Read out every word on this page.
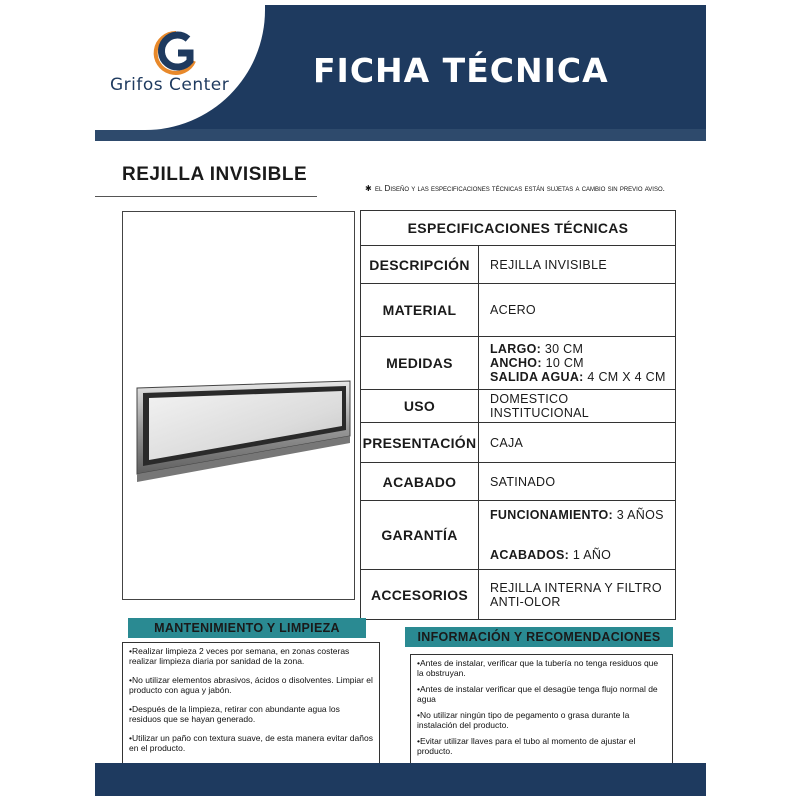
Grifos Center	FICHA TÉCNICA
REJILLA INVISIBLE
✱ el Diseño y las especificaciones técnicas están sujetas a cambio sin previo aviso.
ESPECIFICACIONES TÉCNICAS	
DESCRIPCIÓN	REJILLA INVISIBLE
MATERIAL	ACERO
MEDIDAS	LARGO: 30 CM
ANCHO: 10 CM
SALIDA AGUA: 4 CM X 4 CM

USO	DOMESTICO
INSTITUCIONAL

PRESENTACIÓN	CAJA
ACABADO	SATINADO
GARANTÍA	FUNCIONAMIENTO: 3 AÑOS
ACABADOS: 1 AÑO

ACCESORIOS	REJILLA INTERNA Y FILTRO
ANTI-OLOR
MANTENIMIENTO Y LIMPIEZA

•Realizar limpieza 2 veces por semana, en zonas costeras realizar limpieza diaria por sanidad de la zona.

•No utilizar elementos abrasivos, ácidos o disolventes. Limpiar el producto con agua y jabón.

•Después de la limpieza, retirar con abundante agua los residuos que se hayan generado.

•Utilizar un paño con textura suave, de esta manera evitar daños en el producto.

INFORMACIÓN Y RECOMENDACIONES

•Antes de instalar, verificar que la tubería no tenga residuos que la obstruyan.

•Antes de instalar verificar que el desagüe tenga flujo normal de agua

•No utilizar ningún tipo de pegamento o grasa durante la instalación del producto.

•Evitar utilizar llaves para el tubo al momento de ajustar el producto.
